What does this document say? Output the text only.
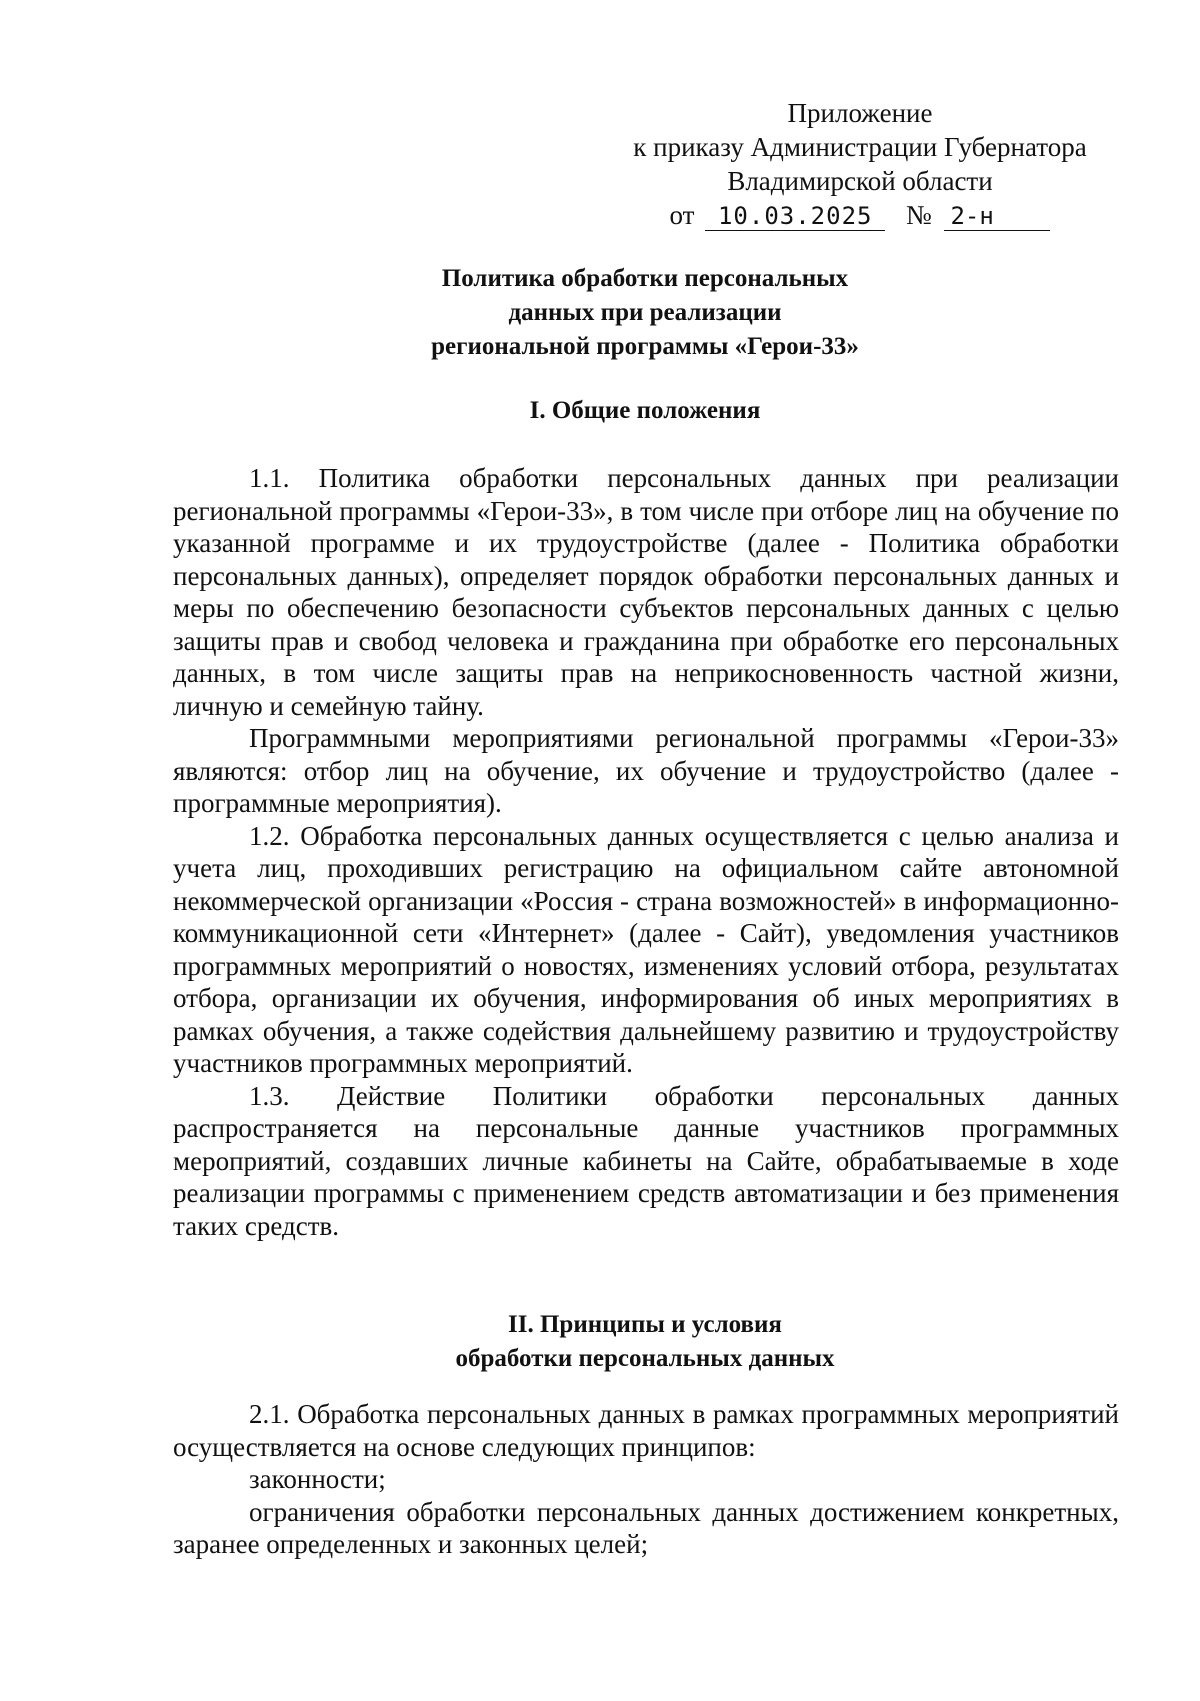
Приложение
к приказу Администрации Губернатора
Владимирской области
от 10.03.2025 № 2-н
Политика обработки персональных
данных при реализации
региональной программы «Герои-33»
I. Общие положения

1.1. Политика обработки персональных данных при реализации региональной программы «Герои-33», в том числе при отборе лиц на обучение по указанной программе и их трудоустройстве (далее - Политика обработки персональных данных), определяет порядок обработки персональных данных и меры по обеспечению безопасности субъектов персональных данных с целью защиты прав и свобод человека и гражданина при обработке его персональных данных, в том числе защиты прав на неприкосновенность частной жизни, личную и семейную тайну.

Программными мероприятиями региональной программы «Герои-33» являются: отбор лиц на обучение, их обучение и трудоустройство (далее - программные мероприятия).

1.2. Обработка персональных данных осуществляется с целью анализа и учета лиц, проходивших регистрацию на официальном сайте автономной некоммерческой организации «Россия - страна возможностей» в информационно-коммуникационной сети «Интернет» (далее - Сайт), уведомления участников программных мероприятий о новостях, изменениях условий отбора, результатах отбора, организации их обучения, информирования об иных мероприятиях в рамках обучения, а также содействия дальнейшему развитию и трудоустройству участников программных мероприятий.

1.3. Действие Политики обработки персональных данных распространяется на персональные данные участников программных мероприятий, создавших личные кабинеты на Сайте, обрабатываемые в ходе реализации программы с применением средств автоматизации и без применения таких средств.

II. Принципы и условия
обработки персональных данных

2.1. Обработка персональных данных в рамках программных мероприятий осуществляется на основе следующих принципов:

законности;

ограничения обработки персональных данных достижением конкретных, заранее определенных и законных целей;
